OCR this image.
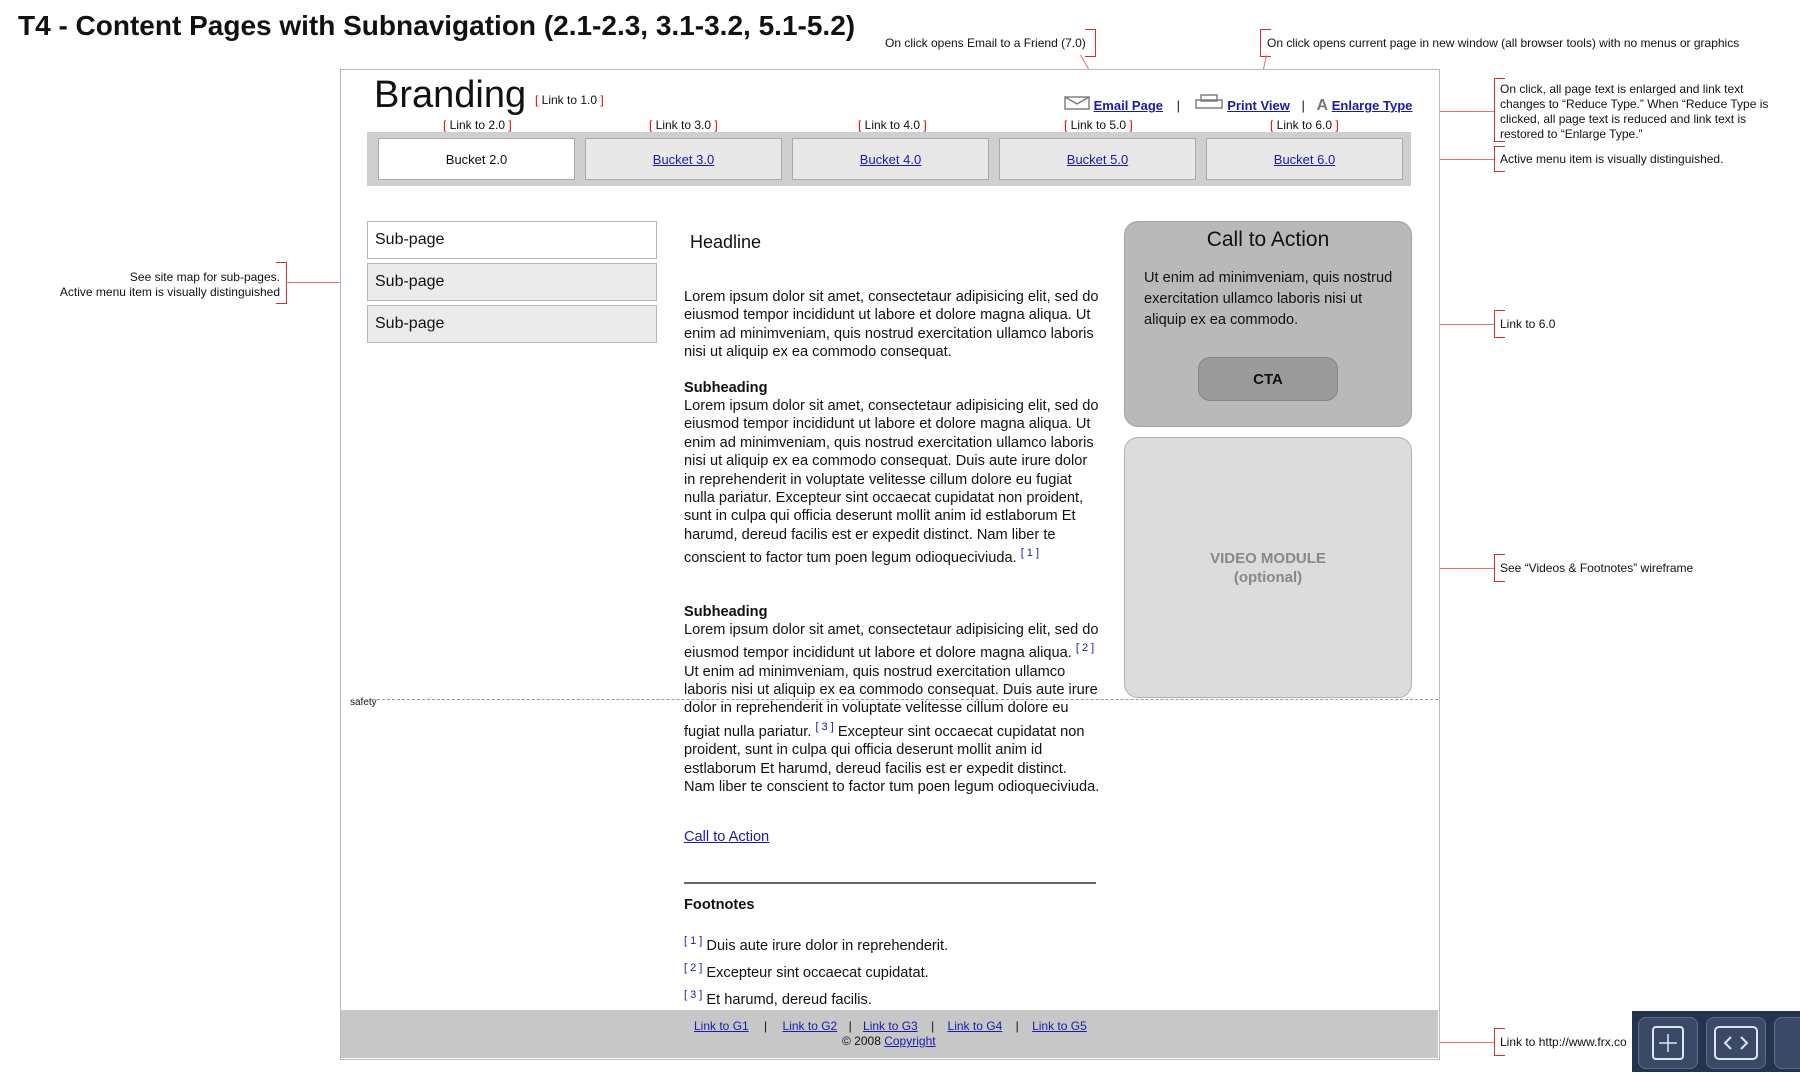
T4 - Content Pages with Subnavigation (2.1-2.3, 3.1-3.2, 5.1-5.2)
On click opens Email to a Friend (7.0)	On click opens current page in new window (all browser tools) with no menus or graphics
On click, all page text is enlarged and link text changes to “Reduce Type.” When “Reduce Type is clicked, all page text is reduced and link text is restored to “Enlarge Type.”
Active menu item is visually distinguished.
Link to 6.0
See “Videos & Footnotes” wireframe
Link to http://www.frx.co
See site map for sub-pages.
Active menu item is visually distinguished
Branding [ Link to 1.0 ]	Email Page |	Print View | A Enlarge Type
[ Link to 2.0 ]	[ Link to 3.0 ]	[ Link to 4.0 ]	[ Link to 5.0 ]	[ Link to 6.0 ]
Bucket 2.0	Bucket 3.0	Bucket 4.0	Bucket 5.0	Bucket 6.0
Sub-page
Sub-page
Sub-page
Headline
Lorem ipsum dolor sit amet, consectetaur adipisicing elit, sed do eiusmod tempor incididunt ut labore et dolore magna aliqua. Ut enim ad minimveniam, quis nostrud exercitation ullamco laboris nisi ut aliquip ex ea commodo consequat.
Subheading
Lorem ipsum dolor sit amet, consectetaur adipisicing elit, sed do eiusmod tempor incididunt ut labore et dolore magna aliqua. Ut enim ad minimveniam, quis nostrud exercitation ullamco laboris nisi ut aliquip ex ea commodo consequat. Duis aute irure dolor in reprehenderit in voluptate velitesse cillum dolore eu fugiat nulla pariatur. Excepteur sint occaecat cupidatat non proident, sunt in culpa qui officia deserunt mollit anim id estlaborum Et harumd, dereud facilis est er expedit distinct. Nam liber te conscient to factor tum poen legum odioqueciviuda. [ 1 ]
Subheading
Lorem ipsum dolor sit amet, consectetaur adipisicing elit, sed do eiusmod tempor incididunt ut labore et dolore magna aliqua. [ 2 ] Ut enim ad minimveniam, quis nostrud exercitation ullamco laboris nisi ut aliquip ex ea commodo consequat. Duis aute irure dolor in reprehenderit in voluptate velitesse cillum dolore eu fugiat nulla pariatur. [ 3 ] Excepteur sint occaecat cupidatat non proident, sunt in culpa qui officia deserunt mollit anim id estlaborum Et harumd, dereud facilis est er expedit distinct. Nam liber te conscient to factor tum poen legum odioqueciviuda.
Call to Action
Footnotes
[ 1 ] Duis aute irure dolor in reprehenderit.
[ 2 ] Excepteur sint occaecat cupidatat.
[ 3 ] Et harumd, dereud facilis.
Call to Action
Ut enim ad minimveniam, quis nostrud exercitation ullamco laboris nisi ut aliquip ex ea commodo.
CTA
VIDEO MODULE
(optional)
safety
Link to G1 | Link to G2 | Link to G3 | Link to G4 | Link to G5
© 2008 Copyright
